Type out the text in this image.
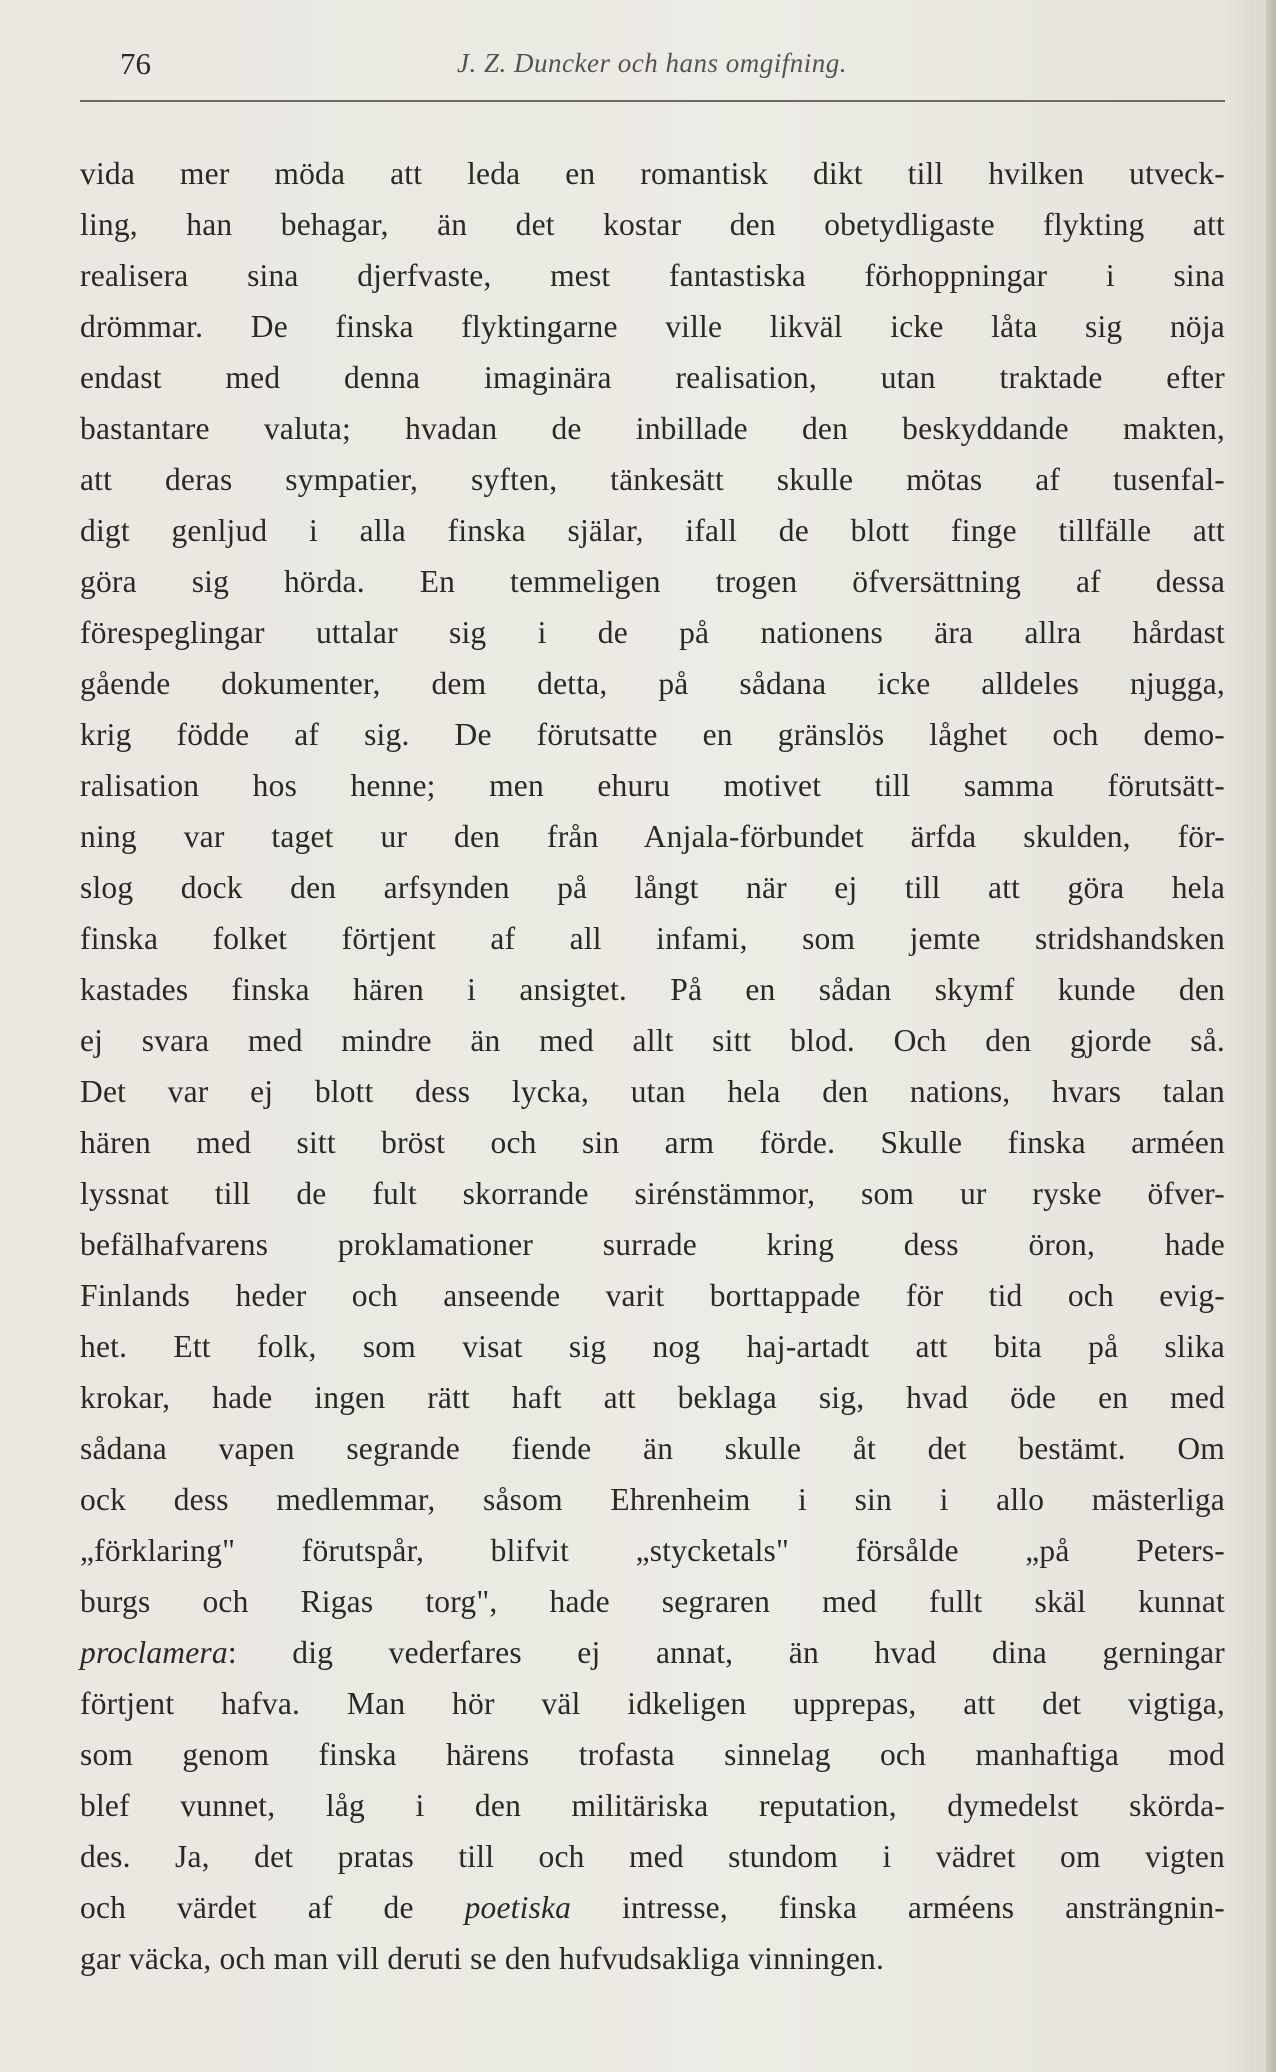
76	J. Z. Duncker och hans omgifning.
vida mer möda att leda en romantisk dikt till hvilken utveck-
ling, han behagar, än det kostar den obetydligaste flykting att
realisera sina djerfvaste, mest fantastiska förhoppningar i sina
drömmar. De finska flyktingarne ville likväl icke låta sig nöja
endast med denna imaginära realisation, utan traktade efter
bastantare valuta; hvadan de inbillade den beskyddande makten,
att deras sympatier, syften, tänkesätt skulle mötas af tusenfal-
digt genljud i alla finska själar, ifall de blott finge tillfälle att
göra sig hörda. En temmeligen trogen öfversättning af dessa
förespeglingar uttalar sig i de på nationens ära allra hårdast
gående dokumenter, dem detta, på sådana icke alldeles njugga,
krig födde af sig. De förutsatte en gränslös låghet och demo-
ralisation hos henne; men ehuru motivet till samma förutsätt-
ning var taget ur den från Anjala-förbundet ärfda skulden, för-
slog dock den arfsynden på långt när ej till att göra hela
finska folket förtjent af all infami, som jemte stridshandsken
kastades finska hären i ansigtet. På en sådan skymf kunde den
ej svara med mindre än med allt sitt blod. Och den gjorde så.
Det var ej blott dess lycka, utan hela den nations, hvars talan
hären med sitt bröst och sin arm förde. Skulle finska arméen
lyssnat till de fult skorrande sirénstämmor, som ur ryske öfver-
befälhafvarens proklamationer surrade kring dess öron, hade
Finlands heder och anseende varit borttappade för tid och evig-
het. Ett folk, som visat sig nog haj-artadt att bita på slika
krokar, hade ingen rätt haft att beklaga sig, hvad öde en med
sådana vapen segrande fiende än skulle åt det bestämt. Om
ock dess medlemmar, såsom Ehrenheim i sin i allo mästerliga
„förklaring" förutspår, blifvit „stycketals" försålde „på Peters-
burgs och Rigas torg", hade segraren med fullt skäl kunnat
proclamera: dig vederfares ej annat, än hvad dina gerningar
förtjent hafva. Man hör väl idkeligen upprepas, att det vigtiga,
som genom finska härens trofasta sinnelag och manhaftiga mod
blef vunnet, låg i den militäriska reputation, dymedelst skörda-
des. Ja, det pratas till och med stundom i vädret om vigten
och värdet af de poetiska intresse, finska arméens ansträngnin-
gar väcka, och man vill deruti se den hufvudsakliga vinningen.
